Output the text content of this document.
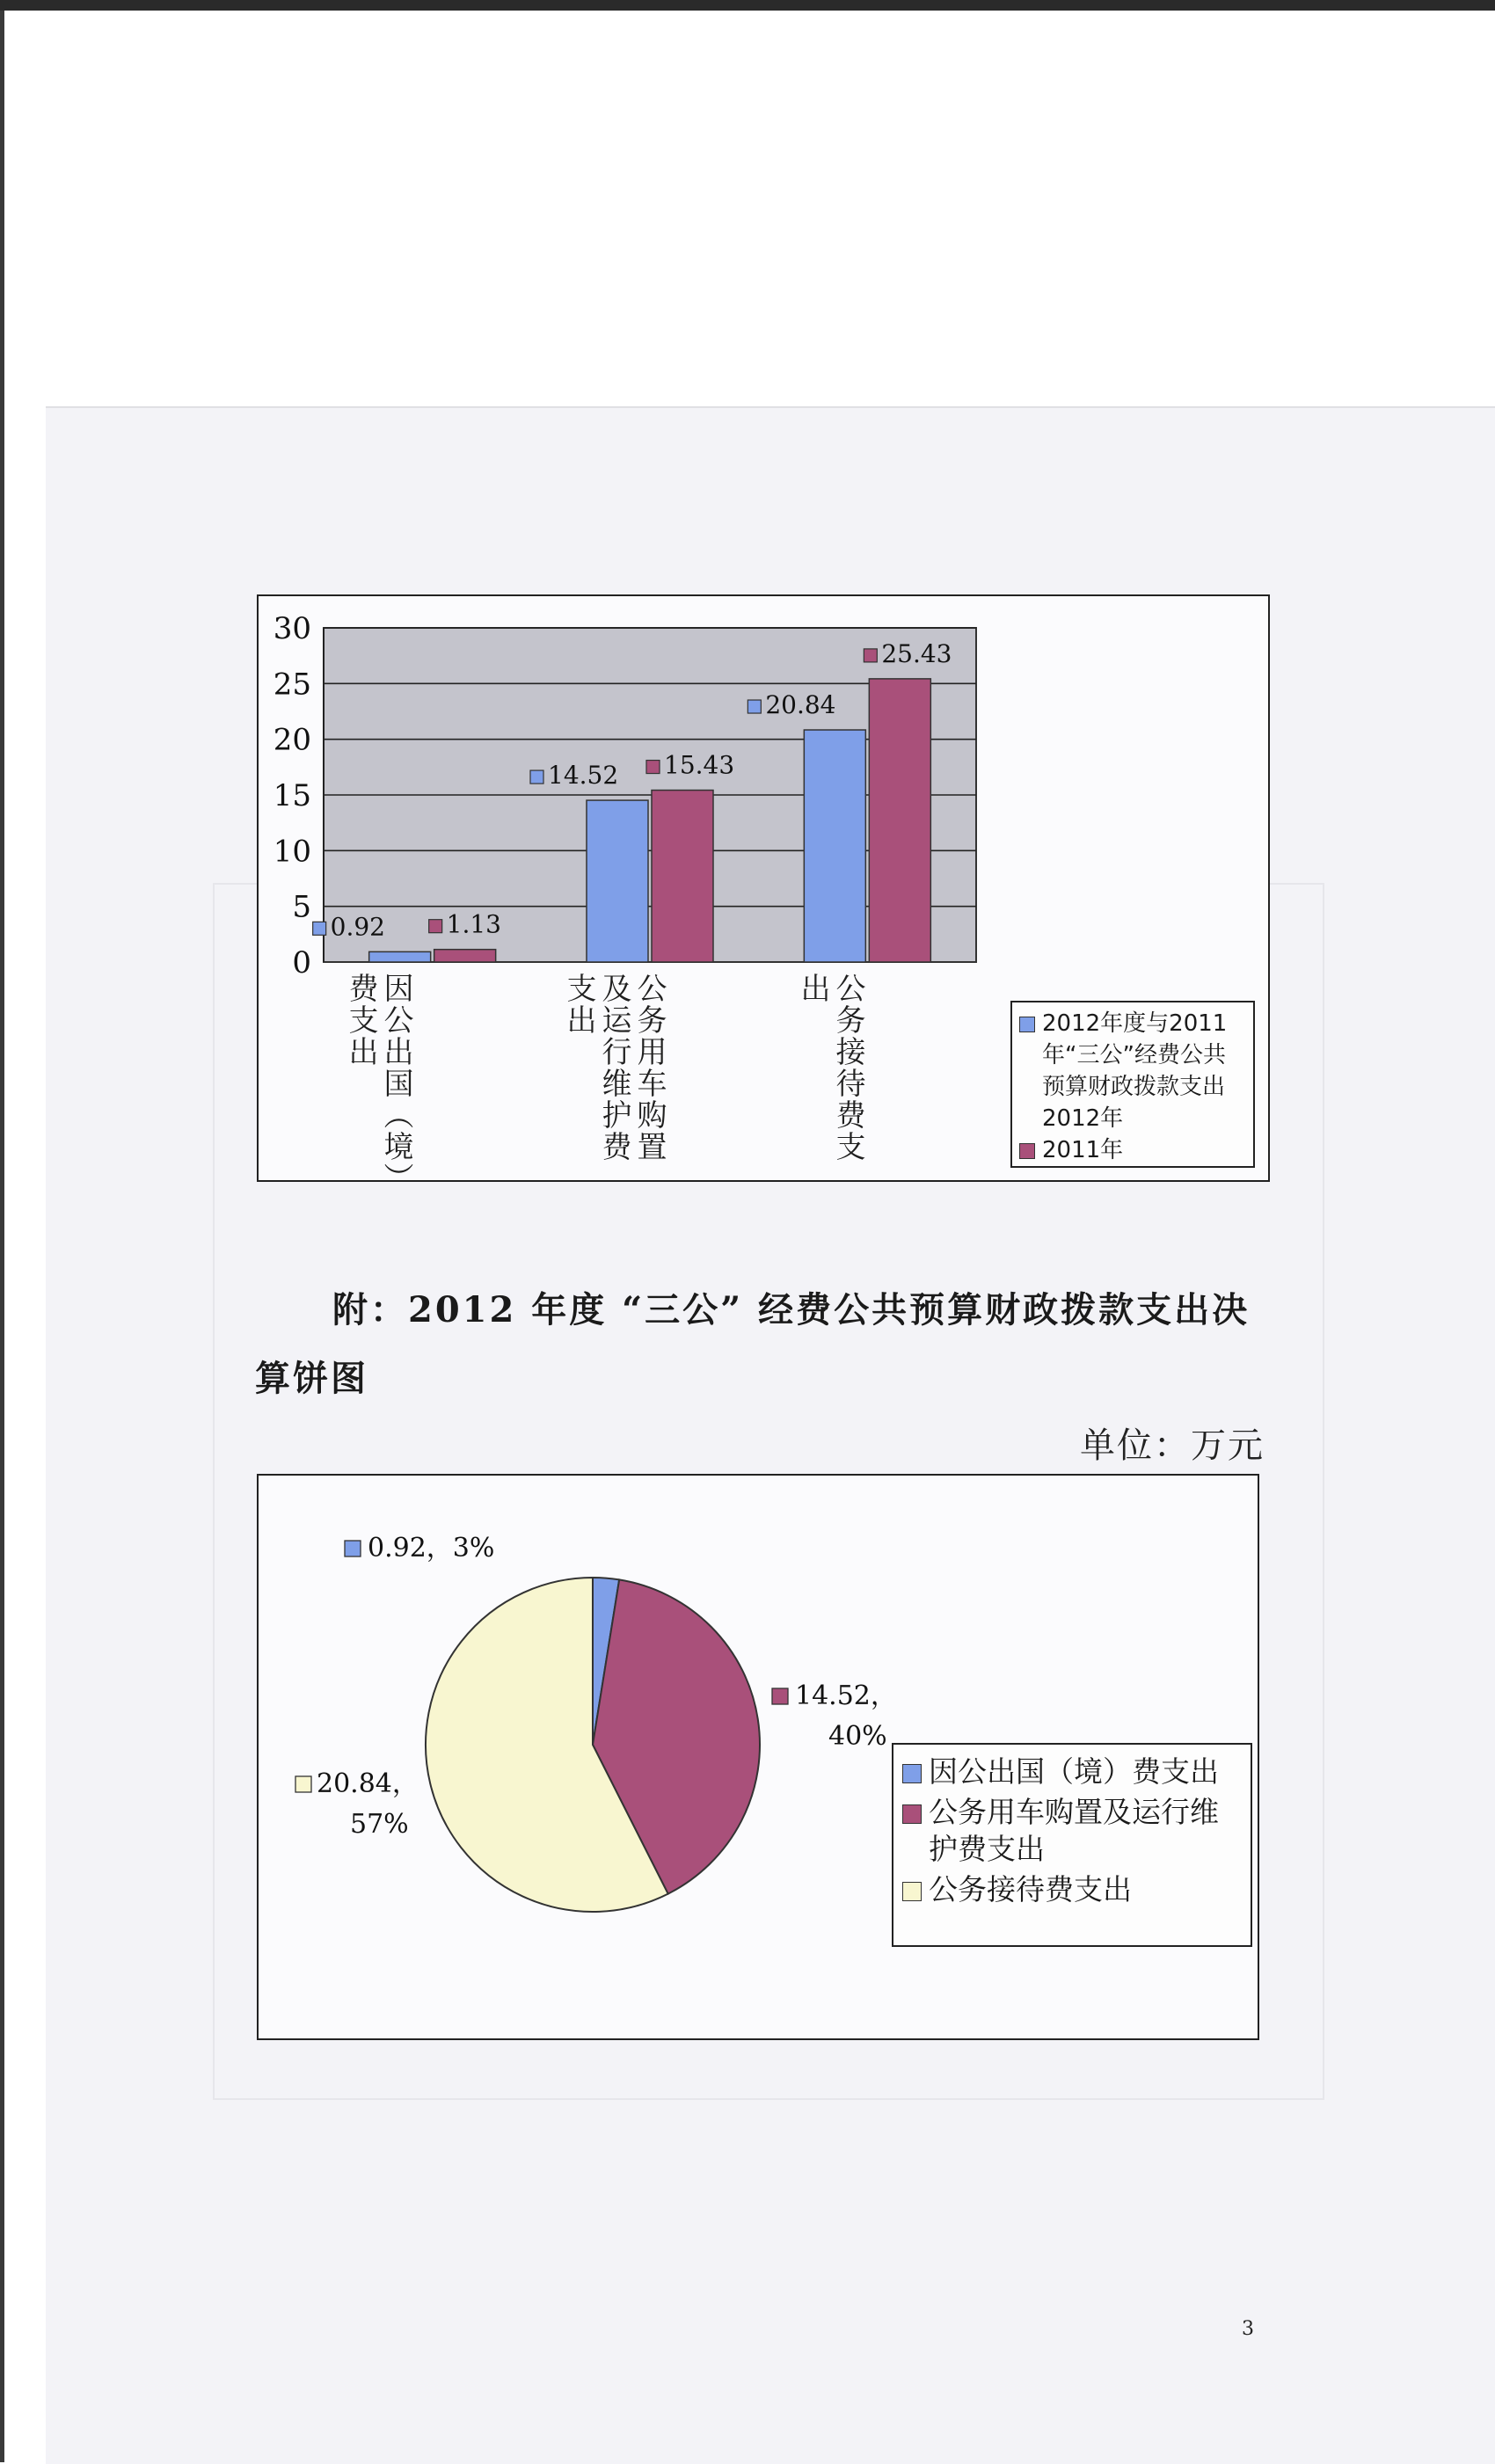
0
5
10
15
20
25
30
0.92 1.13
14.52 15.43
20.84
25.43
因公出国（境）费支出	公务用车购置及运行维护费支出	公务接待费支出
2012年度与2011年“三公”经费公共预算财政拨款支出 2012年
2011年
附：2012 年度 “三公” 经费公共预算财政拨款支出决
算饼图
单位：万元
0.92，3%
14.52，
40%
20.84，
57%
因公出国（境）费支出
公务用车购置及运行维护费支出
公务接待费支出
3
